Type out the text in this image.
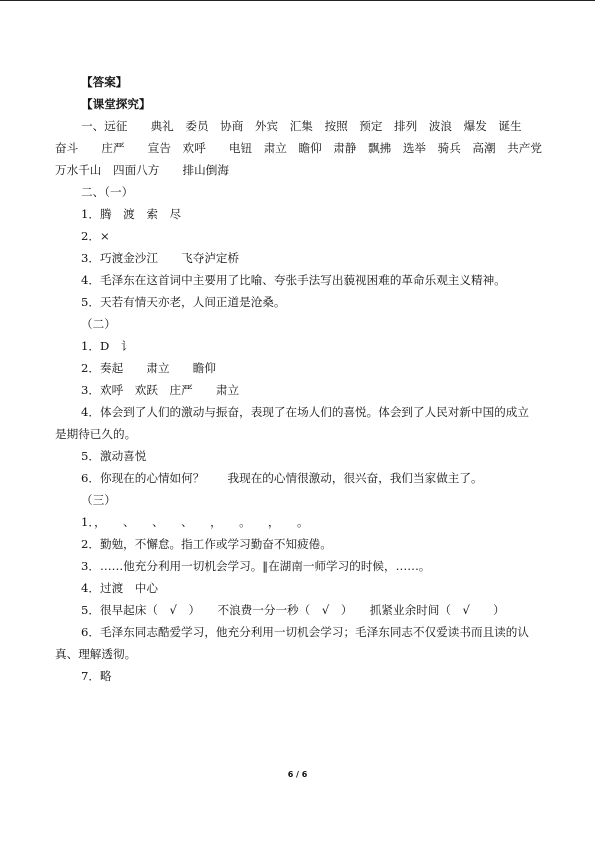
【答案】
【课堂探究】
一、远征　　典礼　委员　协商　外宾　汇集　按照　预定　排列　波浪　爆发　诞生
奋斗　　庄严　　宣告　欢呼　　电钮　肃立　瞻仰　肃静　飘拂　选举　骑兵　高潮　共产党
万水千山　四面八方　　排山倒海
二、（一）
1．腾　渡　索　尽
2．×
3．巧渡金沙江　　飞夺泸定桥
4．毛泽东在这首词中主要用了比喻、夸张手法写出藐视困难的革命乐观主义精神。
5．天若有情天亦老，人间正道是沧桑。
（二）
1．D　讠
2．奏起　　肃立　　瞻仰
3．欢呼　欢跃　庄严　　肃立
4．体会到了人们的激动与振奋，表现了在场人们的喜悦。体会到了人民对新中国的成立
是期待已久的。
5．激动喜悦
6．你现在的心情如何？　　我现在的心情很激动，很兴奋，我们当家做主了。
（三）
1．，　　、　　、　　、　　，　　。　　，　　。
2．勤勉，不懈怠。指工作或学习勤奋不知疲倦。
3．……他充分利用一切机会学习。‖在湖南一师学习的时候，……。
4．过渡　中心
5．很早起床（　√　）　　不浪费一分一秒（　√　）　　抓紧业余时间（　√　　）
6．毛泽东同志酷爱学习，他充分利用一切机会学习；毛泽东同志不仅爱读书而且读的认
真、理解透彻。
7．略
6 / 6
